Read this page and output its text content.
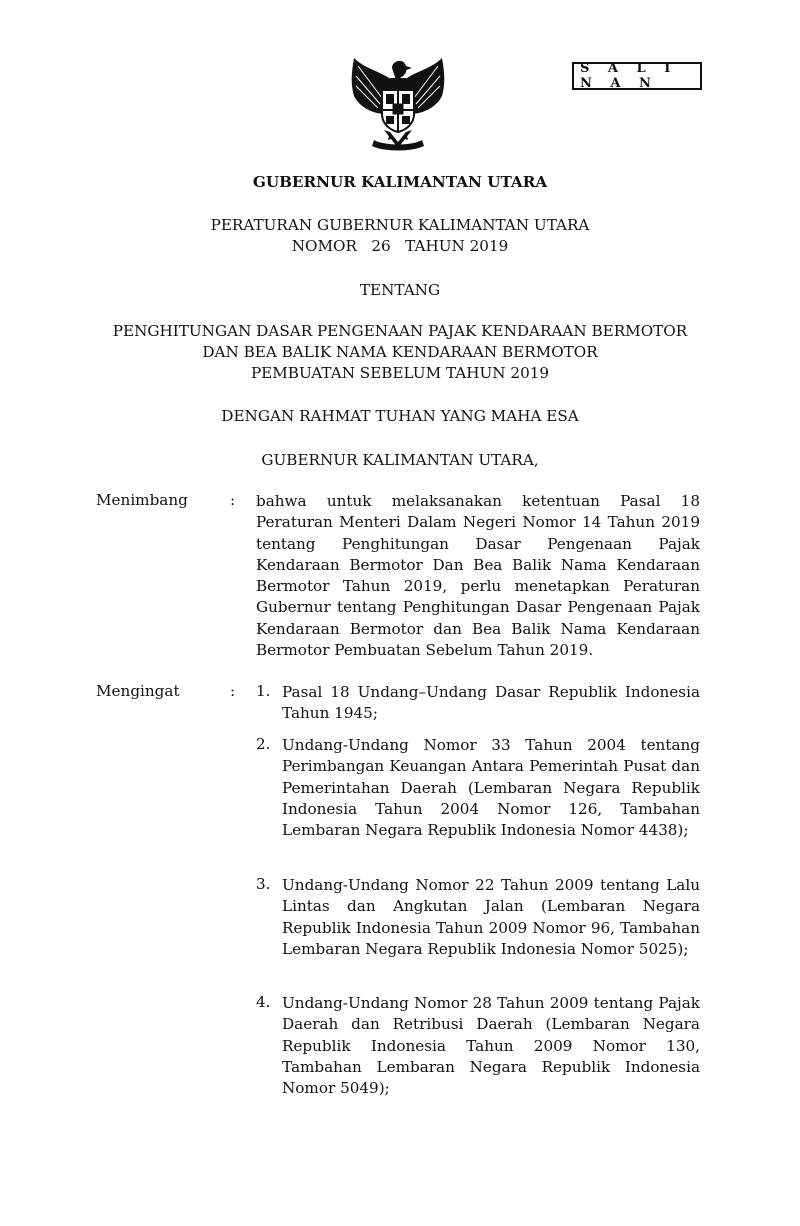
S A L I N A N
GUBERNUR KALIMANTAN UTARA
PERATURAN GUBERNUR KALIMANTAN UTARA
NOMOR   26   TAHUN 2019
TENTANG
PENGHITUNGAN DASAR PENGENAAN PAJAK KENDARAAN BERMOTOR
DAN BEA BALIK NAMA KENDARAAN BERMOTOR
PEMBUATAN SEBELUM TAHUN 2019
DENGAN RAHMAT TUHAN YANG MAHA ESA
GUBERNUR KALIMANTAN UTARA,
Menimbang	: bahwa untuk melaksanakan ketentuan Pasal 18 Peraturan Menteri Dalam Negeri Nomor 14 Tahun 2019 tentang Penghitungan Dasar Pengenaan Pajak Kendaraan Bermotor Dan Bea Balik Nama Kendaraan Bermotor Tahun 2019, perlu menetapkan Peraturan Gubernur tentang Penghitungan Dasar Pengenaan Pajak Kendaraan Bermotor dan Bea Balik Nama Kendaraan Bermotor Pembuatan Sebelum Tahun 2019.
Mengingat	: 1. Pasal 18 Undang–Undang Dasar Republik Indonesia Tahun 1945;
2. Undang-Undang Nomor 33 Tahun 2004 tentang Perimbangan Keuangan Antara Pemerintah Pusat dan Pemerintahan Daerah (Lembaran Negara Republik Indonesia Tahun 2004 Nomor 126, Tambahan Lembaran Negara Republik Indonesia Nomor 4438);
3. Undang-Undang Nomor 22 Tahun 2009 tentang Lalu Lintas dan Angkutan Jalan (Lembaran Negara Republik Indonesia Tahun 2009 Nomor 96, Tambahan Lembaran Negara Republik Indonesia Nomor 5025);
4. Undang-Undang Nomor 28 Tahun 2009 tentang Pajak Daerah dan Retribusi Daerah (Lembaran Negara Republik Indonesia Tahun 2009 Nomor 130, Tambahan Lembaran Negara Republik Indonesia Nomor 5049);
